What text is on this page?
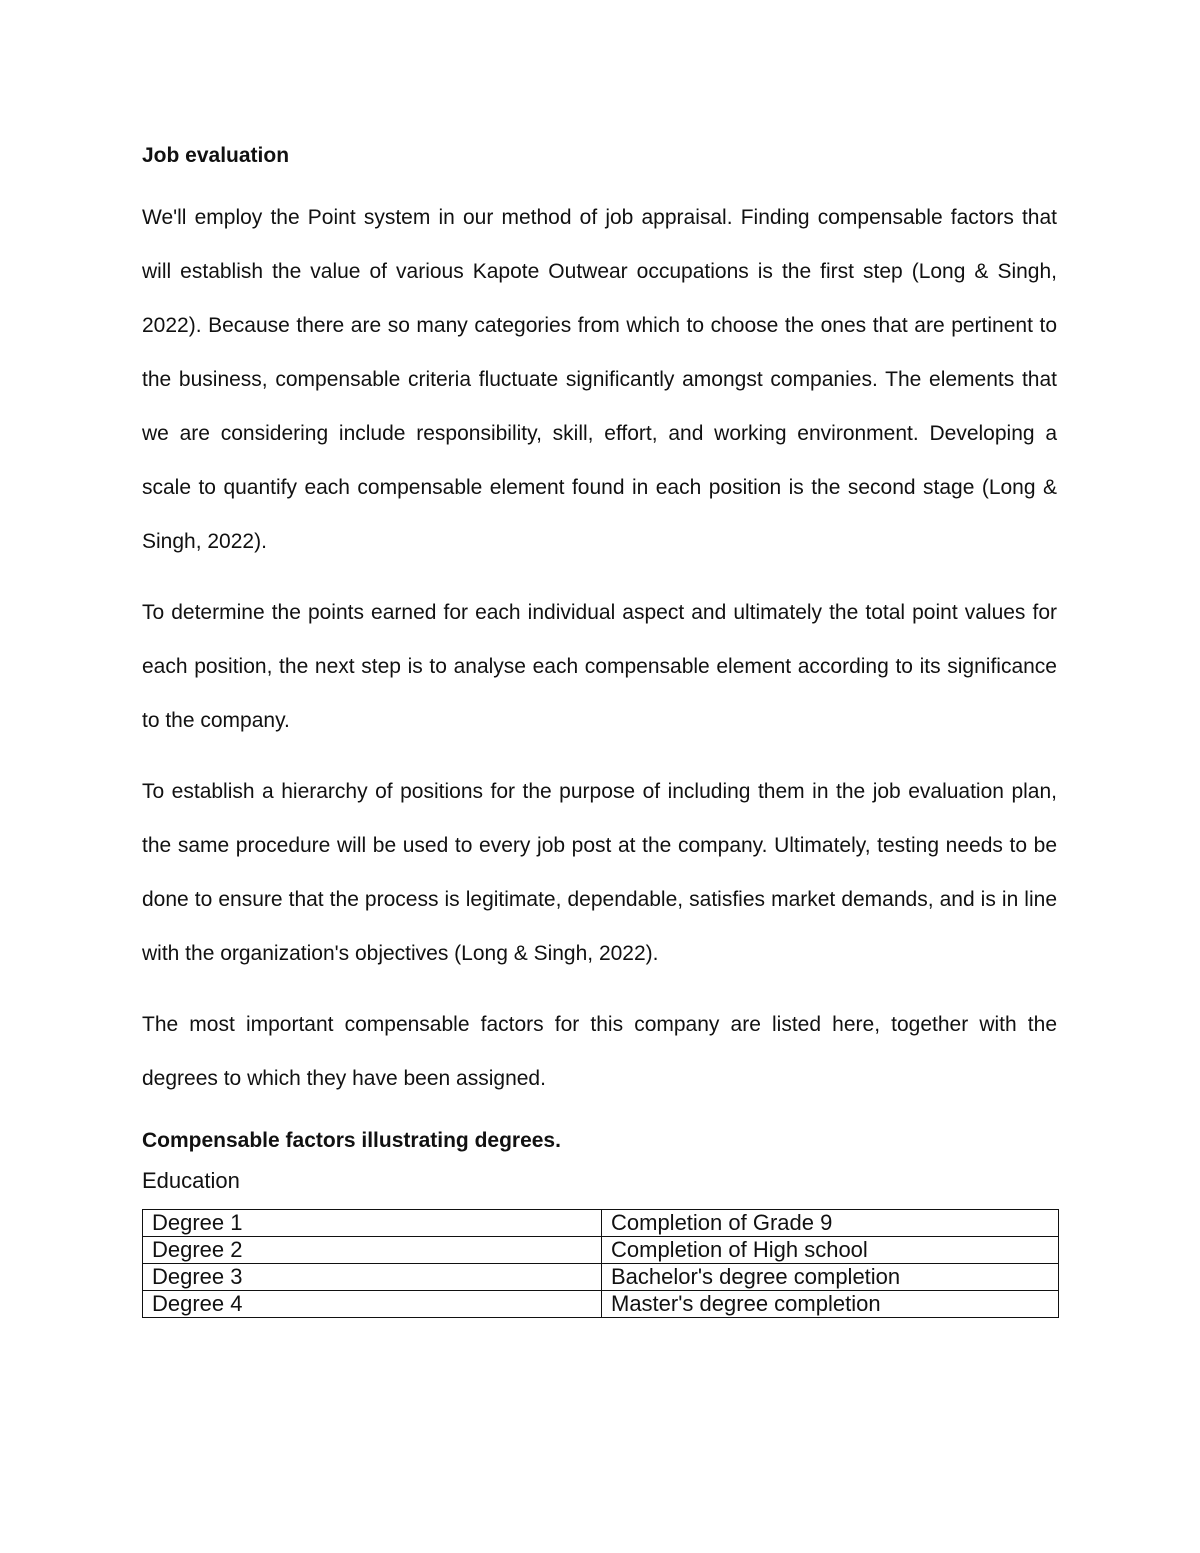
Job evaluation

We'll employ the Point system in our method of job appraisal. Finding compensable factors that will establish the value of various Kapote Outwear occupations is the first step (Long & Singh, 2022). Because there are so many categories from which to choose the ones that are pertinent to the business, compensable criteria fluctuate significantly amongst companies. The elements that we are considering include responsibility, skill, effort, and working environment. Developing a scale to quantify each compensable element found in each position is the second stage (Long & Singh, 2022).

To determine the points earned for each individual aspect and ultimately the total point values for each position, the next step is to analyse each compensable element according to its significance to the company.

To establish a hierarchy of positions for the purpose of including them in the job evaluation plan, the same procedure will be used to every job post at the company. Ultimately, testing needs to be done to ensure that the process is legitimate, dependable, satisfies market demands, and is in line with the organization's objectives (Long & Singh, 2022).

The most important compensable factors for this company are listed here, together with the degrees to which they have been assigned.

Compensable factors illustrating degrees.
Education
Degree 1	Completion of Grade 9
Degree 2	Completion of High school
Degree 3	Bachelor's degree completion
Degree 4	Master's degree completion
